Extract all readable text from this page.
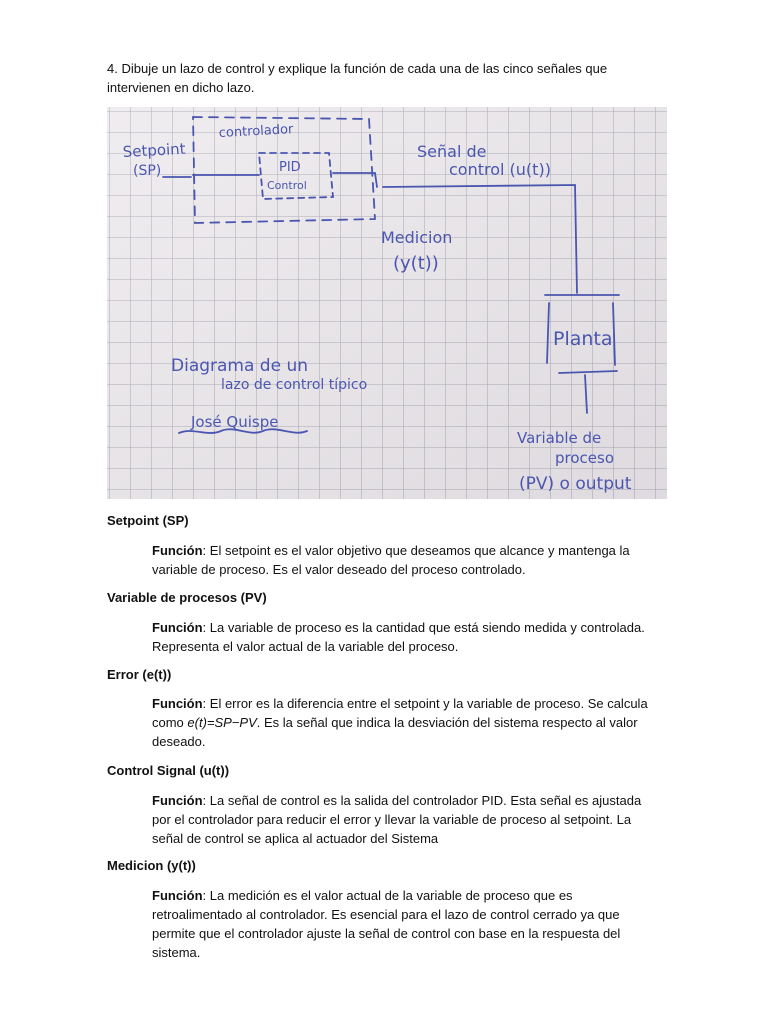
4. Dibuje un lazo de control y explique la función de cada una de las cinco señales que intervienen en dicho lazo.
Setpoint
(SP)
controlador
PID
Control
Señal de
control (u(t))
Medicion
(y(t))
Planta
Diagrama de un
lazo de control típico
José Quispe
Variable de
proceso
(PV) o output
Setpoint (SP)
Función: El setpoint es el valor objetivo que deseamos que alcance y mantenga la variable de proceso. Es el valor deseado del proceso controlado.
Variable de procesos (PV)
Función: La variable de proceso es la cantidad que está siendo medida y controlada. Representa el valor actual de la variable del proceso.
Error (e(t))
Función: El error es la diferencia entre el setpoint y la variable de proceso. Se calcula como e(t)=SP−PV. Es la señal que indica la desviación del sistema respecto al valor deseado.
Control Signal (u(t))
Función: La señal de control es la salida del controlador PID. Esta señal es ajustada por el controlador para reducir el error y llevar la variable de proceso al setpoint. La señal de control se aplica al actuador del Sistema
Medicion (y(t))
Función: La medición es el valor actual de la variable de proceso que es retroalimentado al controlador. Es esencial para el lazo de control cerrado ya que permite que el controlador ajuste la señal de control con base en la respuesta del sistema.
